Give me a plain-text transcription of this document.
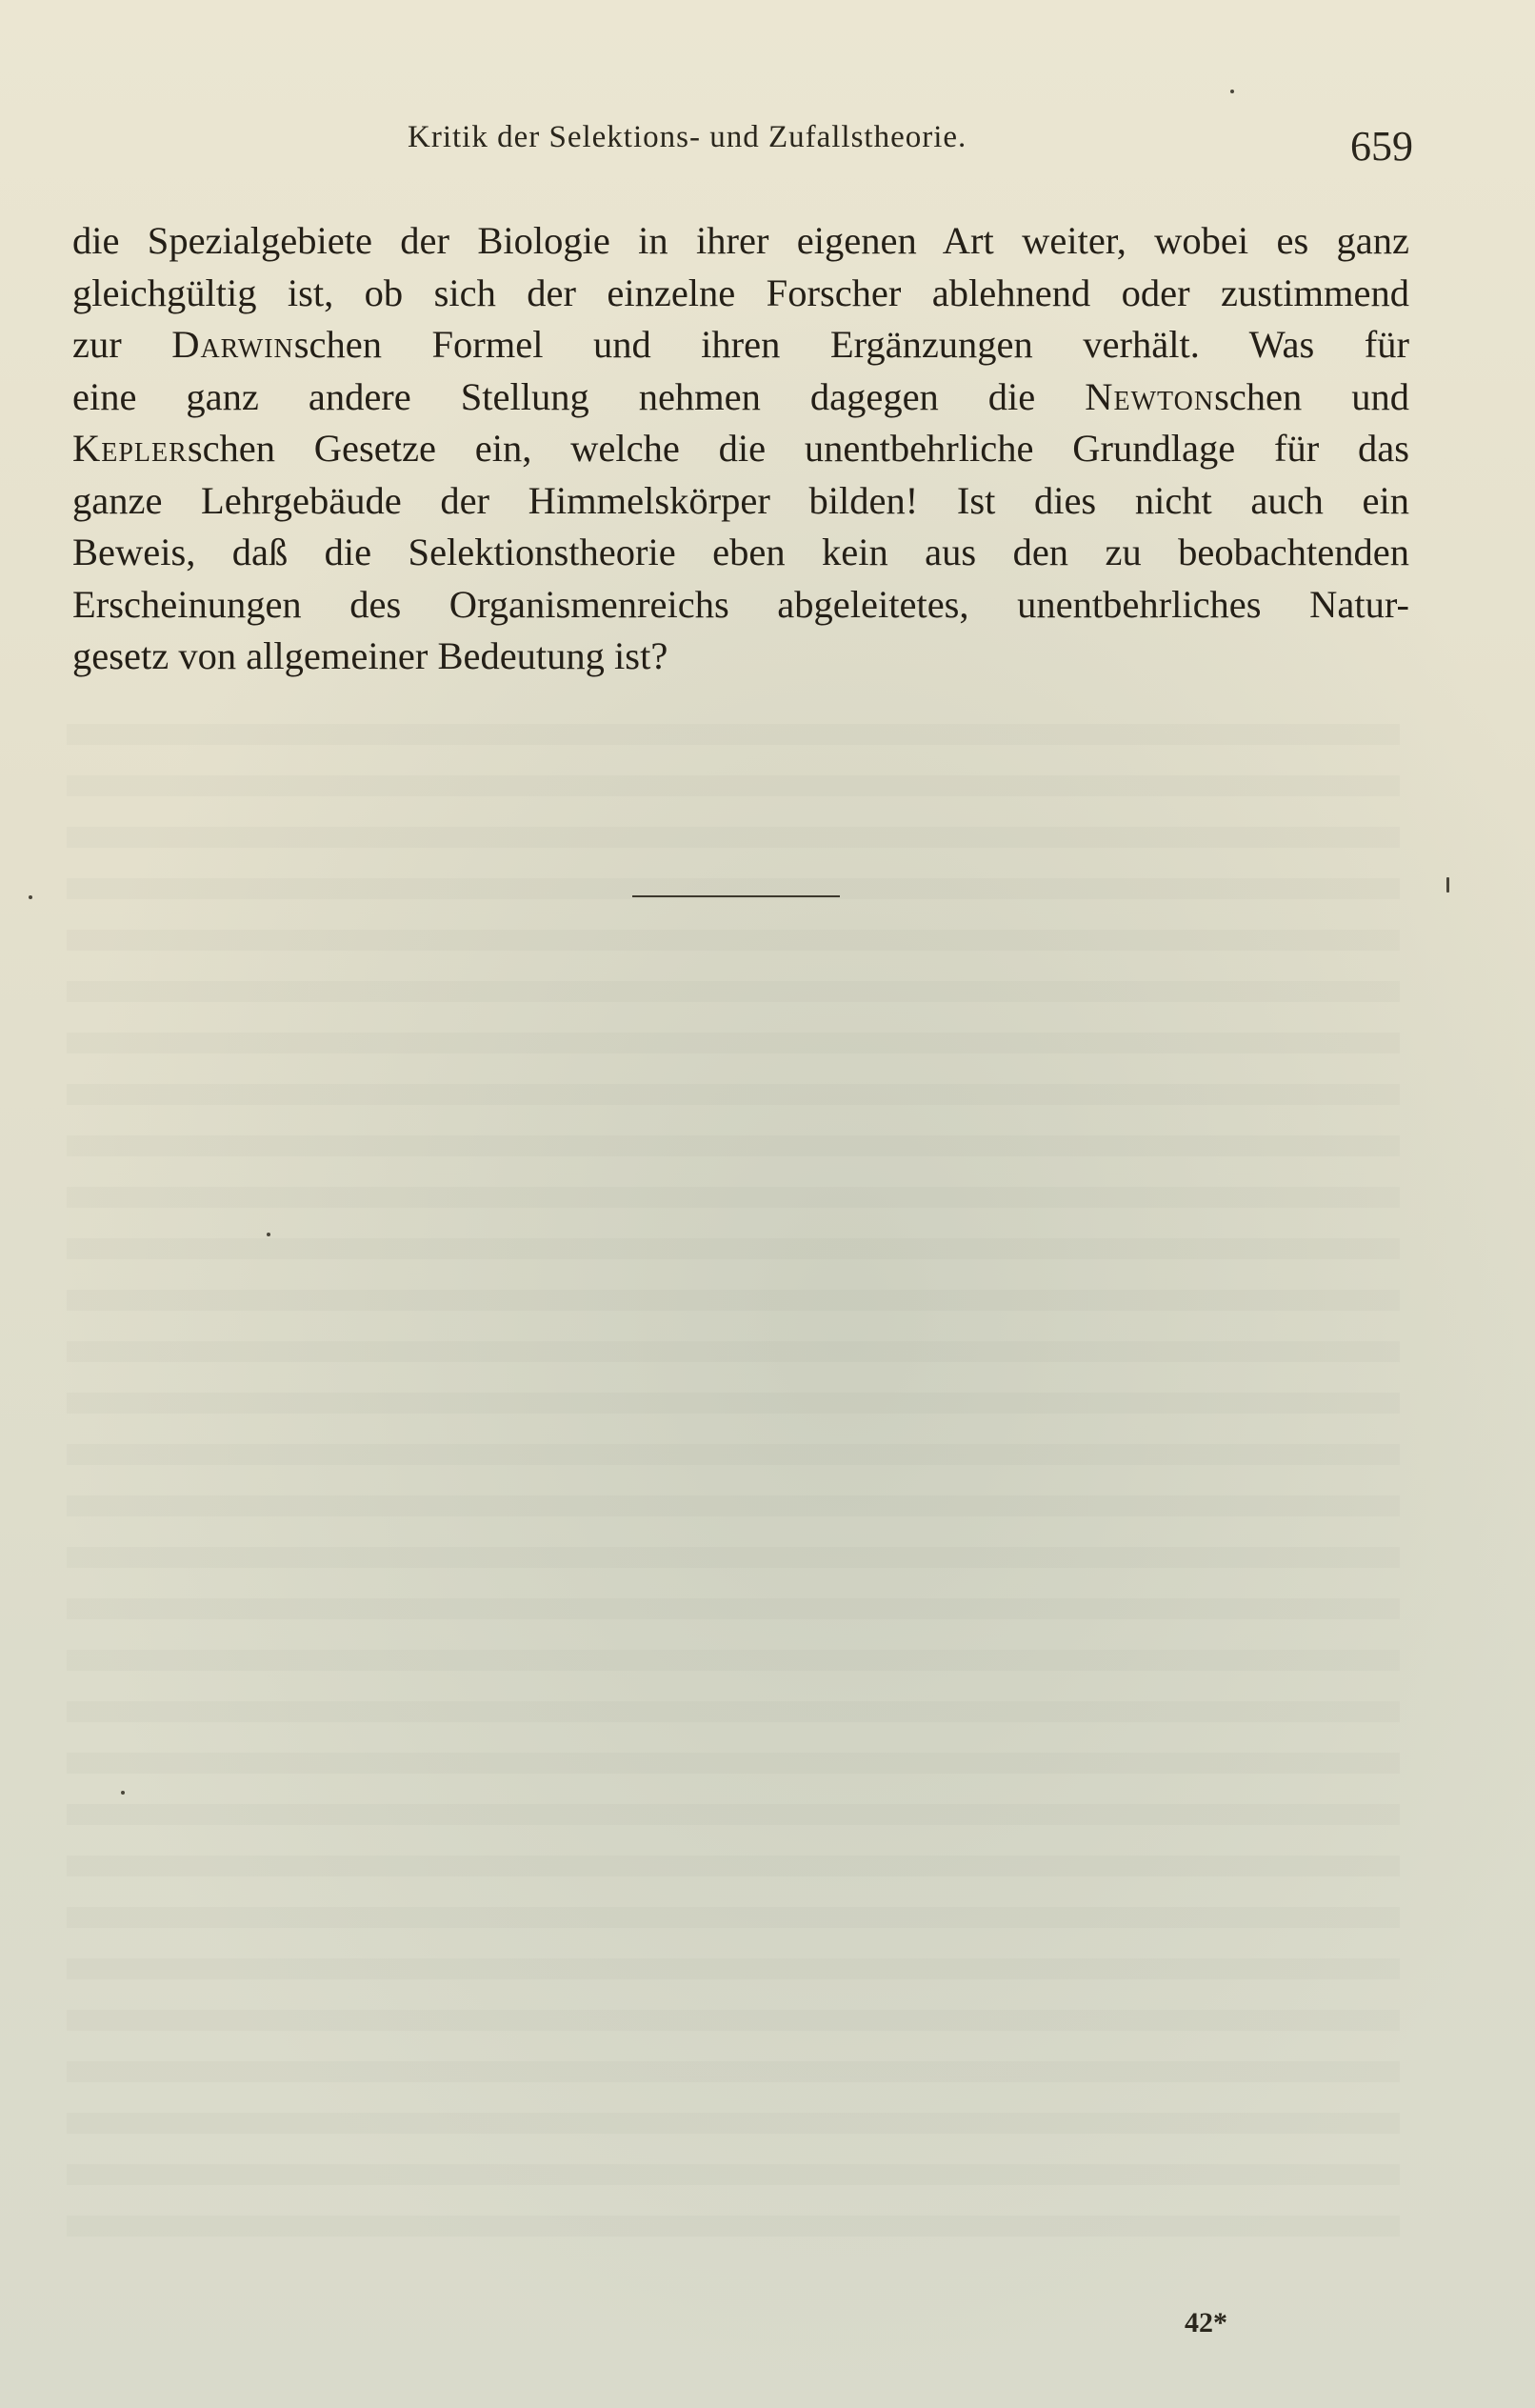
Kritik der Selektions- und Zufallstheorie.	659
die Spezialgebiete der Biologie in ihrer eigenen Art weiter, wobei es ganz
gleichgültig ist, ob sich der einzelne Forscher ablehnend oder zustimmend
zur Darwinschen Formel und ihren Ergänzungen verhält. Was für
eine ganz andere Stellung nehmen dagegen die Newtonschen und
Keplerschen Gesetze ein, welche die unentbehrliche Grundlage für das
ganze Lehrgebäude der Himmelskörper bilden! Ist dies nicht auch ein
Beweis, daß die Selektionstheorie eben kein aus den zu beobachtenden
Erscheinungen des Organismenreichs abgeleitetes, unentbehrliches Natur-
gesetz von allgemeiner Bedeutung ist?
42*
